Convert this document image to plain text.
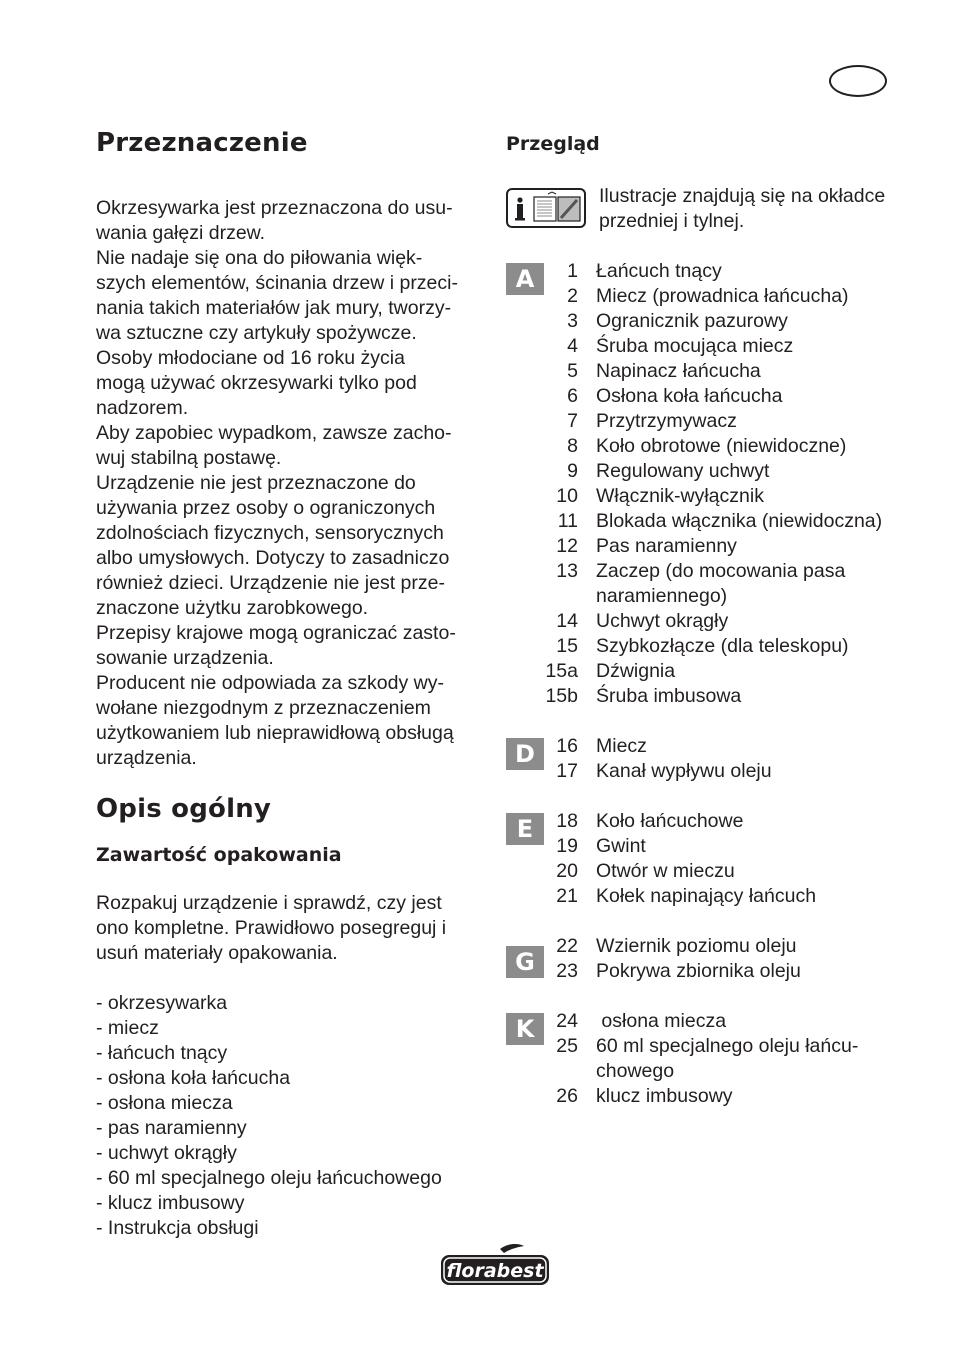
Przeznaczenie
Okrzesywarka jest przeznaczona do usu-
wania gałęzi drzew.
Nie nadaje się ona do piłowania więk-
szych elementów, ścinania drzew i przeci-
nania takich materiałów jak mury, tworzy-
wa sztuczne czy artykuły spożywcze.
Osoby młodociane od 16 roku życia
mogą używać okrzesywarki tylko pod
nadzorem.
Aby zapobiec wypadkom, zawsze zacho-
wuj stabilną postawę.
Urządzenie nie jest przeznaczone do
używania przez osoby o ograniczonych
zdolnościach fizycznych, sensorycznych
albo umysłowych. Dotyczy to zasadniczo
również dzieci. Urządzenie nie jest prze-
znaczone użytku zarobkowego.
Przepisy krajowe mogą ograniczać zasto-
sowanie urządzenia.
Producent nie odpowiada za szkody wy-
wołane niezgodnym z przeznaczeniem
użytkowaniem lub nieprawidłową obsługą
urządzenia.
Opis ogólny
Zawartość opakowania
Rozpakuj urządzenie i sprawdź, czy jest
ono kompletne. Prawidłowo posegreguj i
usuń materiały opakowania.
- okrzesywarka
- miecz
- łańcuch tnący
- osłona koła łańcucha
- osłona miecza
- pas naramienny
- uchwyt okrągły
- 60 ml specjalnego oleju łańcuchowego
- klucz imbusowy
- Instrukcja obsługi
Przegląd
Ilustracje znajdują się na okładce
przedniej i tylnej.
A	1 Łańcuch tnący
2 Miecz (prowadnica łańcucha)
3 Ogranicznik pazurowy
4 Śruba mocująca miecz
5 Napinacz łańcucha
6 Osłona koła łańcucha
7 Przytrzymywacz
8 Koło obrotowe (niewidoczne)
9 Regulowany uchwyt
10 Włącznik-wyłącznik
11 Blokada włącznika (niewidoczna)
12 Pas naramienny
13 Zaczep (do mocowania pasa
naramiennego)
14 Uchwyt okrągły
15 Szybkozłącze (dla teleskopu)
15a Dźwignia
15b Śruba imbusowa
D	16 Miecz
17 Kanał wypływu oleju
E	18 Koło łańcuchowe
19 Gwint
20 Otwór w mieczu
21 Kołek napinający łańcuch
G
22 Wziernik poziomu oleju
23 Pokrywa zbiornika oleju
K	24 osłona miecza
25 60 ml specjalnego oleju łańcu-
chowego
26 klucz imbusowy
florabest
